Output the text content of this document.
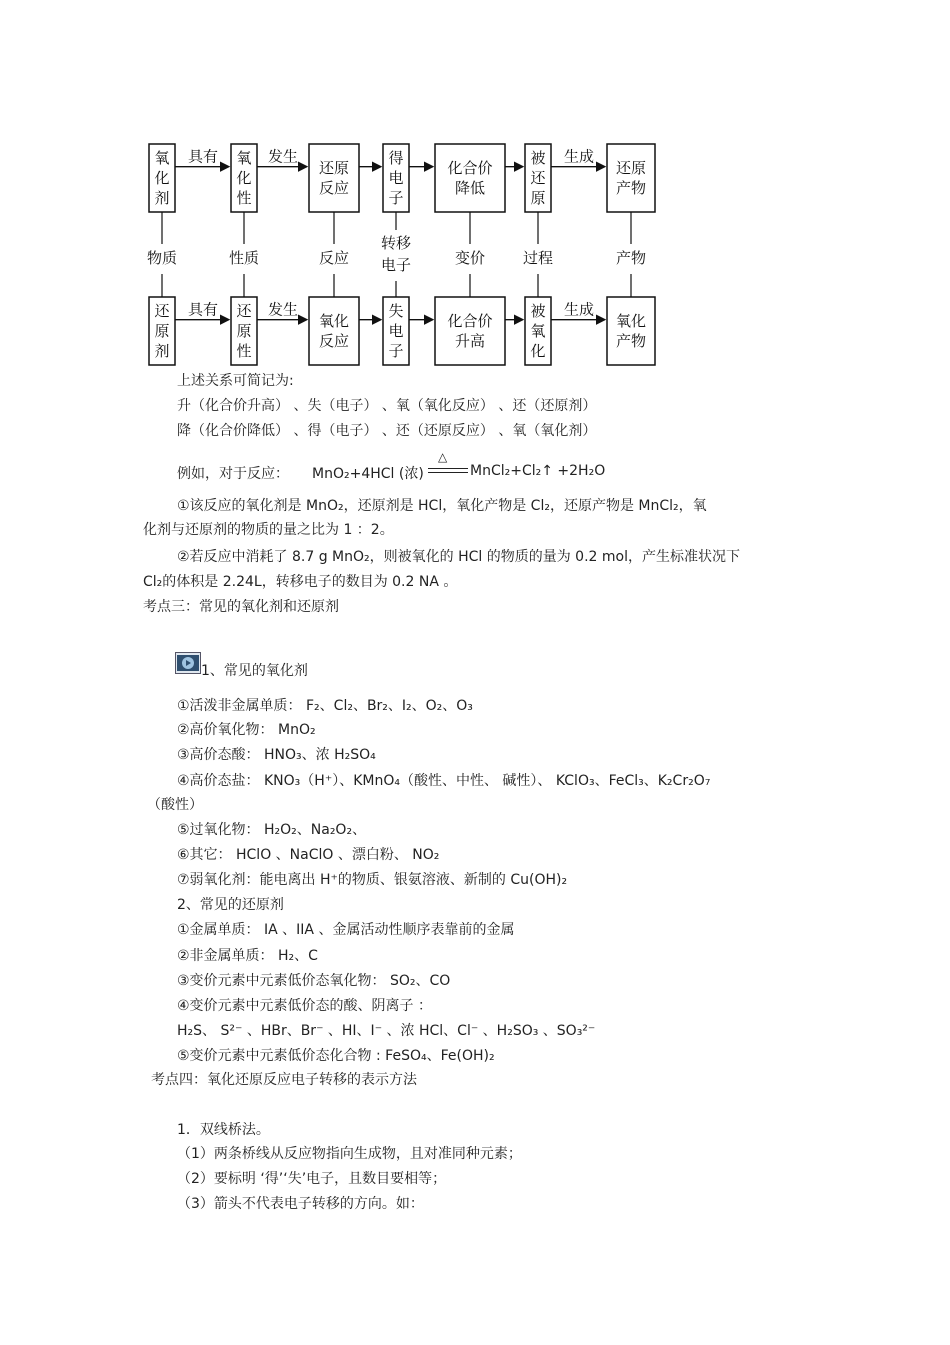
氧
化
剂
具有 氧
化
性
发生
还原
反应
得
电
子
化合价
降低
被
还
原
生成
还原
产物
还
原
剂
具有 还
原
性
发生
氧化
反应
失
电
子
化合价
升高
被
氧
化
生成
氧化
产物
物质	性质	反应
转移
电子	变价	过程	产物
上述关系可简记为:
升（化合价升高） 、失（电子） 、氧（氧化反应） 、还（还原剂）
降（化合价降低） 、得（电子） 、还（还原反应） 、氧（氧化剂）
例如，对于反应： MnO₂+4HCl (浓)
△
MnCl₂+Cl₂↑ +2H₂O
①该反应的氧化剂是 MnO₂，还原剂是 HCl，氧化产物是 Cl₂，还原产物是 MnCl₂，氧
化剂与还原剂的物质的量之比为 1 ：2。
②若反应中消耗了 8.7 g MnO₂，则被氧化的 HCl 的物质的量为 0.2 mol，产生标准状况下
Cl₂的体积是 2.24L，转移电子的数目为 0.2 NA 。
考点三：常见的氧化剂和还原剂
1、常见的氧化剂
①活泼非金属单质： F₂、Cl₂、Br₂、I₂、O₂、O₃
②高价氧化物： MnO₂
③高价态酸： HNO₃、浓 H₂SO₄
④高价态盐： KNO₃（H⁺）、KMnO₄（酸性、中性、 碱性）、 KClO₃、FeCl₃、K₂Cr₂O₇
（酸性）
⑤过氧化物： H₂O₂、Na₂O₂、
⑥其它： HClO 、NaClO 、漂白粉、 NO₂
⑦弱氧化剂：能电离出 H⁺的物质、银氨溶液、新制的 Cu(OH)₂
2、常见的还原剂
①金属单质： IA 、IIA 、金属活动性顺序表靠前的金属
②非金属单质： H₂、C
③变价元素中元素低价态氧化物： SO₂、CO
④变价元素中元素低价态的酸、阴离子 ：
H₂S、 S²⁻ 、HBr、Br⁻ 、HI、I⁻ 、浓 HCl、Cl⁻ 、H₂SO₃ 、SO₃²⁻
⑤变价元素中元素低价态化合物 : FeSO₄、Fe(OH)₂
考点四：氧化还原反应电子转移的表示方法
1．双线桥法。
（1）两条桥线从反应物指向生成物，且对准同种元素；
（2）要标明 ‘得’‘失’电子，且数目要相等；
（3）箭头不代表电子转移的方向。如：
